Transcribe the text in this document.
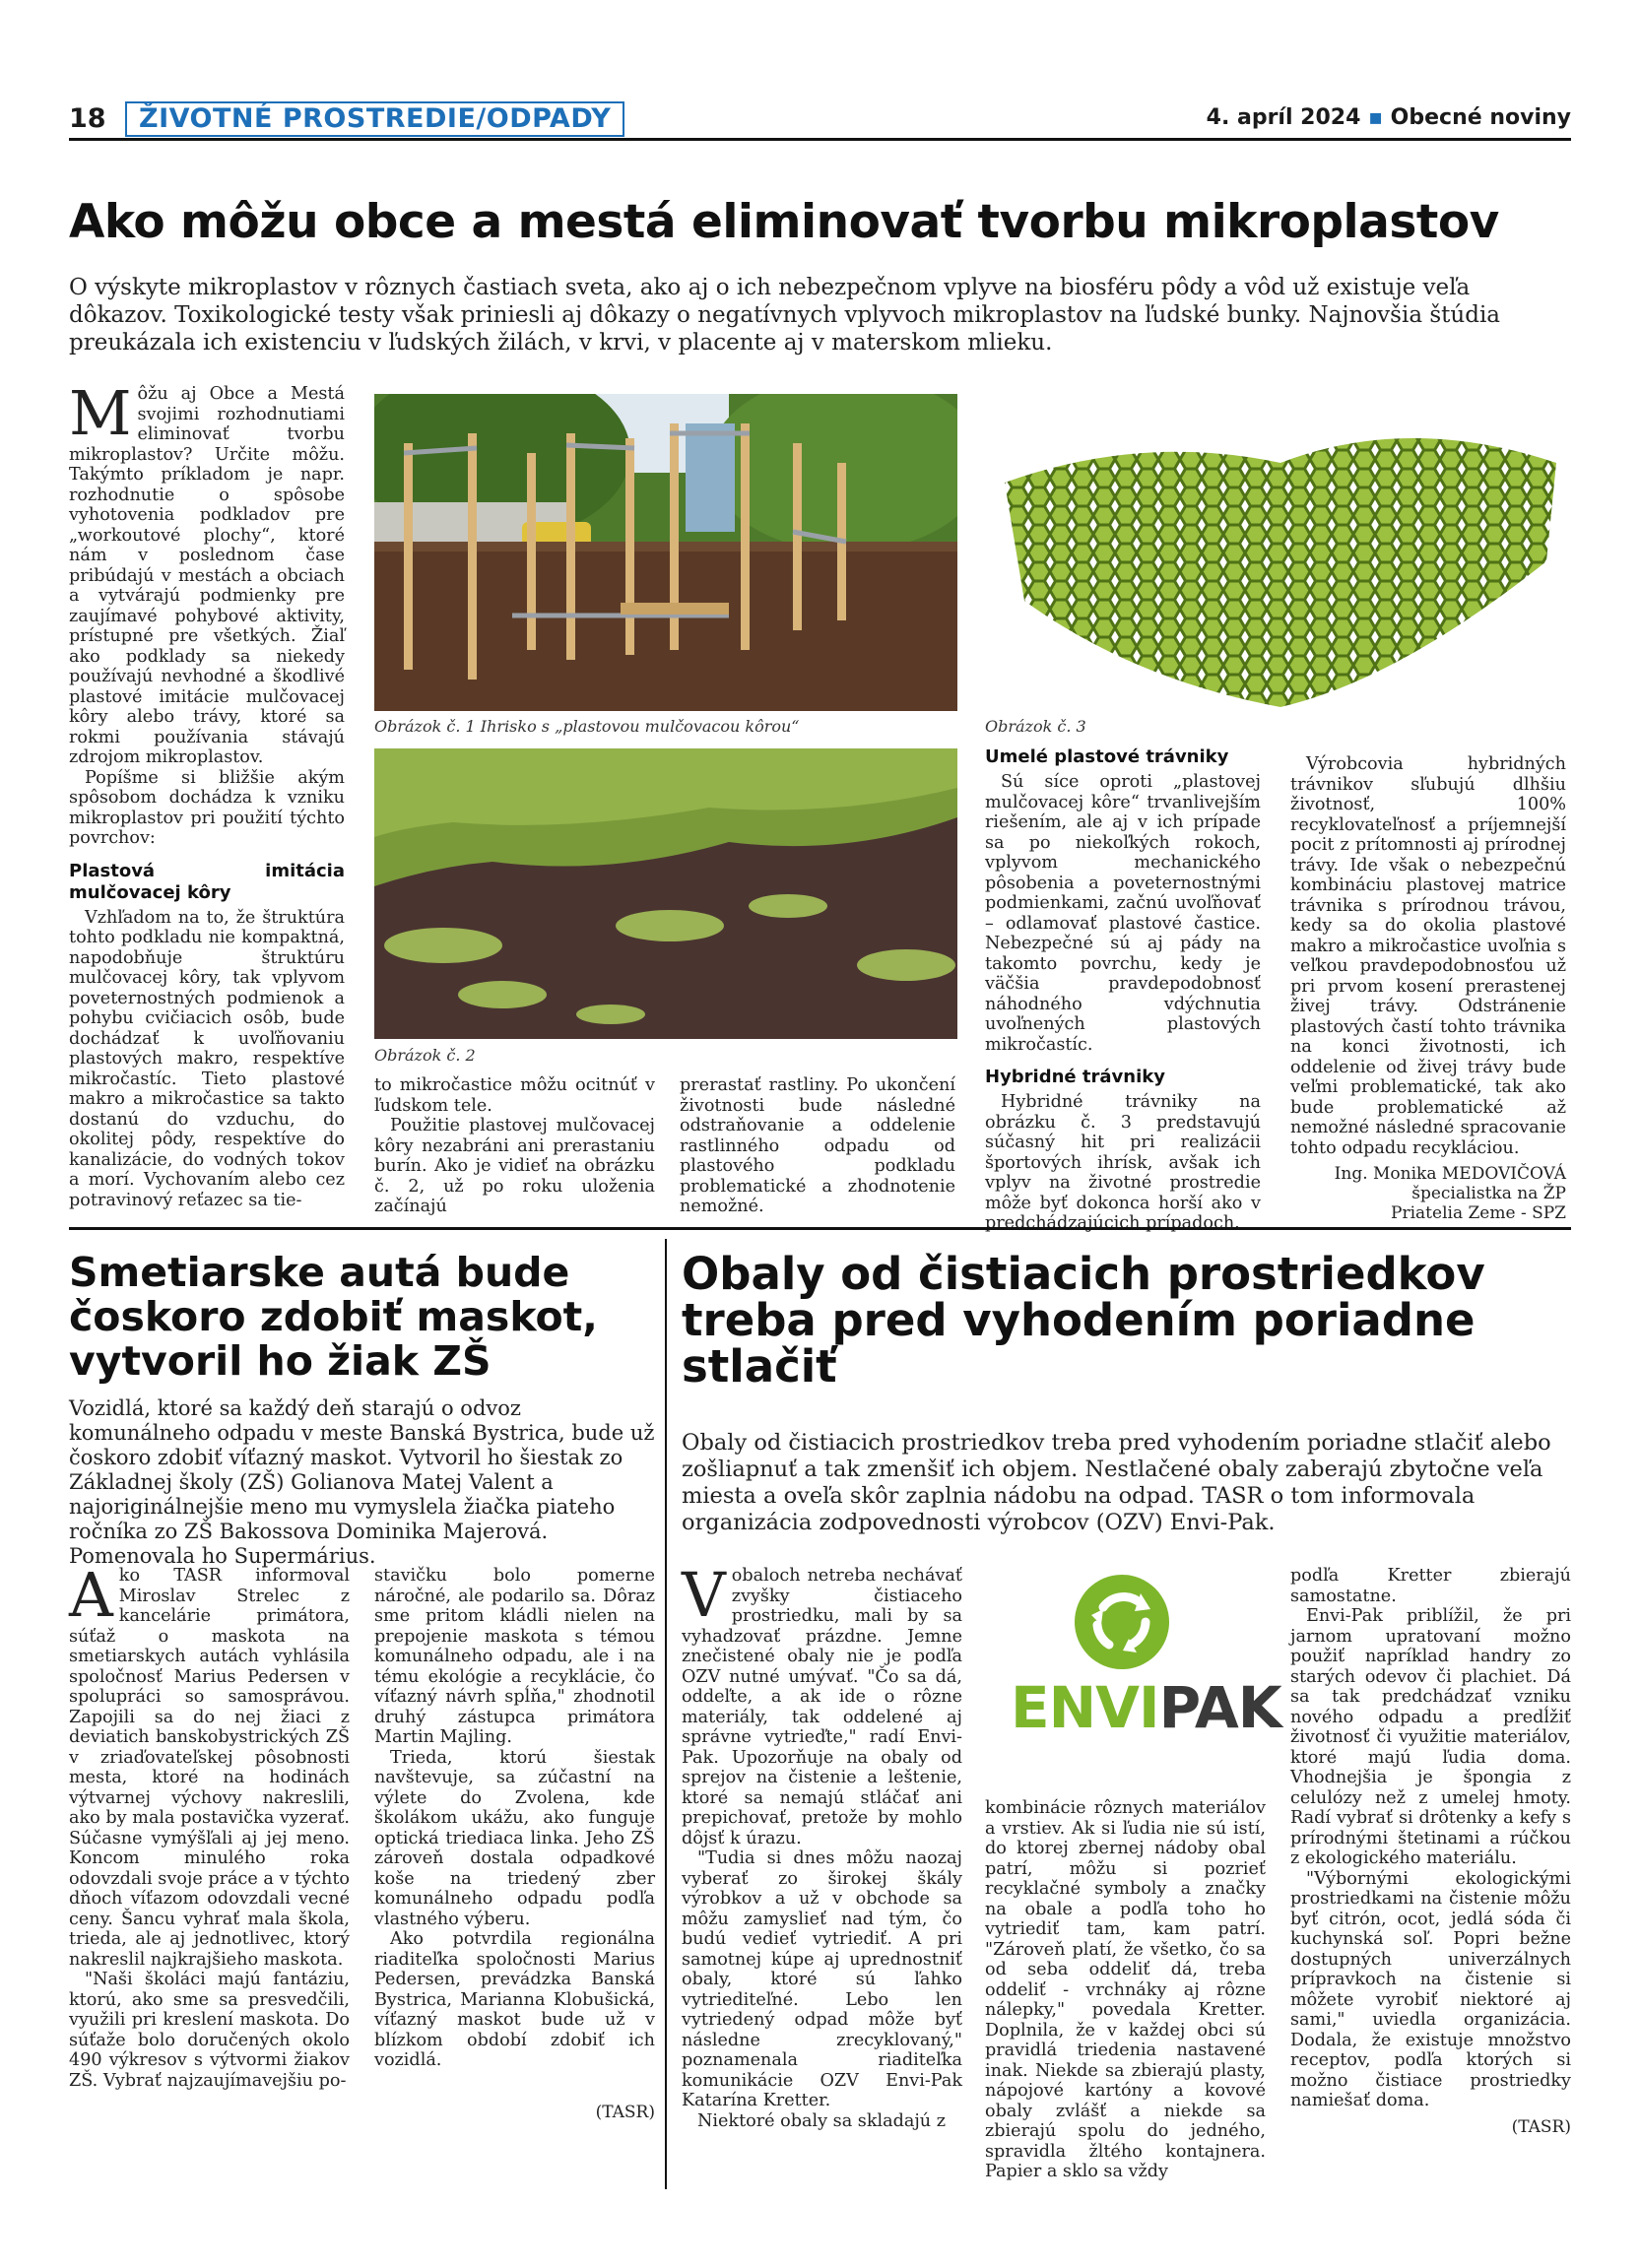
18	ŽIVOTNÉ PROSTREDIE/ODPADY	4. apríl 2024 ▪ Obecné noviny
Ako môžu obce a mestá eliminovať tvorbu mikroplastov
O výskyte mikroplastov v rôznych častiach sveta, ako aj o ich nebezpečnom vplyve na biosféru pôdy a vôd už existuje veľa dôkazov. Toxikologické testy však priniesli aj dôkazy o negatívnych vplyvoch mikroplastov na ľudské bunky. Najnovšia štúdia preukázala ich existenciu v ľudských žilách, v krvi, v placente aj v materskom mlieku.

Môžu aj Obce a Mestá svojimi rozhodnutiami eliminovať tvorbu mikroplastov? Určite môžu. Takýmto príkladom je napr. rozhodnutie o spôsobe vyhotovenia podkladov pre „workoutové plochy“, ktoré nám v poslednom čase pribúdajú v mestách a obciach a vytvárajú podmienky pre zaujímavé pohybové aktivity, prístupné pre všetkých. Žiaľ ako podklady sa niekedy používajú nevhodné a škodlivé plastové imitácie mulčovacej kôry alebo trávy, ktoré sa rokmi používania stávajú zdrojom mikroplastov.

Popíšme si bližšie akým spôsobom dochádza k vzniku mikroplastov pri použití týchto povrchov:

Plastová imitácia mulčovacej kôry

Vzhľadom na to, že štruktúra tohto podkladu nie kompaktná, napodobňuje štruktúru mulčovacej kôry, tak vplyvom poveternostných podmienok a pohybu cvičiacich osôb, bude dochádzať k uvoľňovaniu plastových makro, respektíve mikročastíc. Tieto plastové makro a mikročastice sa takto dostanú do vzduchu, do okolitej pôdy, respektíve do kanalizácie, do vodných tokov a morí. Vychovaním alebo cez potravinový reťazec sa tie-

Obrázok č. 1 Ihrisko s „plastovou mulčovacou kôrou“
Obrázok č. 2

to mikročastice môžu ocitnúť v ľudskom tele.

Použitie plastovej mulčovacej kôry nezabráni ani prerastaniu burín. Ako je vidieť na obrázku č. 2, už po roku uloženia začínajú

prerastať rastliny. Po ukončení životnosti bude následné odstraňovanie a oddelenie rastlinného odpadu od plastového podkladu problematické a zhodnotenie nemožné.

Obrázok č. 3
Umelé plastové trávniky

Sú síce oproti „plastovej mulčovacej kôre“ trvanlivejším riešením, ale aj v ich prípade sa po niekoľkých rokoch, vplyvom mechanického pôsobenia a poveternostnými podmienkami, začnú uvoľňovať – odlamovať plastové častice. Nebezpečné sú aj pády na takomto povrchu, kedy je väčšia pravdepodobnosť náhodného vdýchnutia uvoľnených plastových mikročastíc.

Hybridné trávniky

Hybridné trávniky na obrázku č. 3 predstavujú súčasný hit pri realizácii športových ihrísk, avšak ich vplyv na životné prostredie môže byť dokonca horší ako v predchádzajúcich prípadoch.

Výrobcovia hybridných trávnikov sľubujú dlhšiu životnosť, 100% recyklovateľnosť a príjemnejší pocit z prítomnosti aj prírodnej trávy. Ide však o nebezpečnú kombináciu plastovej matrice trávnika s prírodnou trávou, kedy sa do okolia plastové makro a mikročastice uvoľnia s veľkou pravdepodobnosťou už pri prvom kosení prerastenej živej trávy. Odstránenie plastových častí tohto trávnika na konci životnosti, ich oddelenie od živej trávy bude veľmi problematické, tak ako bude problematické až nemožné následné spracovanie tohto odpadu recykláciou.

Ing. Monika MEDOVIČOVÁ
špecialistka na ŽP
Priatelia Zeme - SPZ
Smetiarske autá bude čoskoro zdobiť maskot, vytvoril ho žiak ZŠ
Vozidlá, ktoré sa každý deň starajú o odvoz komunálneho odpadu v meste Banská Bystrica, bude už čoskoro zdobiť víťazný maskot. Vytvoril ho šiestak zo Základnej školy (ZŠ) Golianova Matej Valent a najoriginálnejšie meno mu vymyslela žiačka piateho ročníka zo ZŠ Bakossova Dominika Majerová. Pomenovala ho Supermárius.

Ako TASR informoval Miroslav Strelec z kancelárie primátora, súťaž o maskota na smetiarskych autách vyhlásila spoločnosť Marius Pedersen v spolupráci so samosprávou. Zapojili sa do nej žiaci z deviatich banskobystrických ZŠ v zriaďovateľskej pôsobnosti mesta, ktoré na hodinách výtvarnej výchovy nakreslili, ako by mala postavička vyzerať. Súčasne vymýšľali aj jej meno. Koncom minulého roka odovzdali svoje práce a v týchto dňoch víťazom odovzdali vecné ceny. Šancu vyhrať mala škola, trieda, ale aj jednotlivec, ktorý nakreslil najkrajšieho maskota.

"Naši školáci majú fantáziu, ktorú, ako sme sa presvedčili, využili pri kreslení maskota. Do súťaže bolo doručených okolo 490 výkresov s výtvormi žiakov ZŠ. Vybrať najzaujímavejšiu po-

stavičku bolo pomerne náročné, ale podarilo sa. Dôraz sme pritom kládli nielen na prepojenie maskota s témou komunálneho odpadu, ale i na tému ekológie a recyklácie, čo víťazný návrh spĺňa," zhodnotil druhý zástupca primátora Martin Majling.

Trieda, ktorú šiestak navštevuje, sa zúčastní na výlete do Zvolena, kde školákom ukážu, ako funguje optická triediaca linka. Jeho ZŠ zároveň dostala odpadkové koše na triedený zber komunálneho odpadu podľa vlastného výberu.

Ako potvrdila regionálna riaditeľka spoločnosti Marius Pedersen, prevádzka Banská Bystrica, Marianna Klobušická, víťazný maskot bude už v blízkom období zdobiť ich vozidlá.

(TASR)
Obaly od čistiacich prostriedkov treba pred vyhodením poriadne stlačiť
Obaly od čistiacich prostriedkov treba pred vyhodením poriadne stlačiť alebo zošliapnuť a tak zmenšiť ich objem. Nestlačené obaly zaberajú zbytočne veľa miesta a oveľa skôr zaplnia nádobu na odpad. TASR o tom informovala organizácia zodpovednosti výrobcov (OZV) Envi-Pak.

Vobaloch netreba nechávať zvyšky čistiaceho prostriedku, mali by sa vyhadzovať prázdne. Jemne znečistené obaly nie je podľa OZV nutné umývať. "Čo sa dá, oddeľte, a ak ide o rôzne materiály, tak oddelené aj správne vytrieďte," radí Envi-Pak. Upozorňuje na obaly od sprejov na čistenie a leštenie, ktoré sa nemajú stláčať ani prepichovať, pretože by mohlo dôjsť k úrazu.

"Tudia si dnes môžu naozaj vyberať zo širokej škály výrobkov a už v obchode sa môžu zamyslieť nad tým, čo budú vedieť vytriediť. A pri samotnej kúpe aj uprednostniť obaly, ktoré sú ľahko vytriediteľné. Lebo len vytriedený odpad môže byť následne zrecyklovaný," poznamenala riaditeľka komunikácie OZV Envi-Pak Katarína Kretter.

Niektoré obaly sa skladajú z

ENVIPAK

kombinácie rôznych materiálov a vrstiev. Ak si ľudia nie sú istí, do ktorej zbernej nádoby obal patrí, môžu si pozrieť recyklačné symboly a značky na obale a podľa toho ho vytriediť tam, kam patrí. "Zároveň platí, že všetko, čo sa od seba oddeliť dá, treba oddeliť - vrchnáky aj rôzne nálepky," povedala Kretter. Doplnila, že v každej obci sú pravidlá triedenia nastavené inak. Niekde sa zbierajú plasty, nápojové kartóny a kovové obaly zvlášť a niekde sa zbierajú spolu do jedného, spravidla žltého kontajnera. Papier a sklo sa vždy

podľa Kretter zbierajú samostatne.

Envi-Pak priblížil, že pri jarnom upratovaní možno použiť napríklad handry zo starých odevov či plachiet. Dá sa tak predchádzať vzniku nového odpadu a predĺžiť životnosť či využitie materiálov, ktoré majú ľudia doma. Vhodnejšia je špongia z celulózy než z umelej hmoty. Radí vybrať si drôtenky a kefy s prírodnými štetinami a rúčkou z ekologického materiálu.

"Výbornými ekologickými prostriedkami na čistenie môžu byť citrón, ocot, jedlá sóda či kuchynská soľ. Popri bežne dostupných univerzálnych prípravkoch na čistenie si môžete vyrobiť niektoré aj sami," uviedla organizácia. Dodala, že existuje množstvo receptov, podľa ktorých si možno čistiace prostriedky namiešať doma.

(TASR)
